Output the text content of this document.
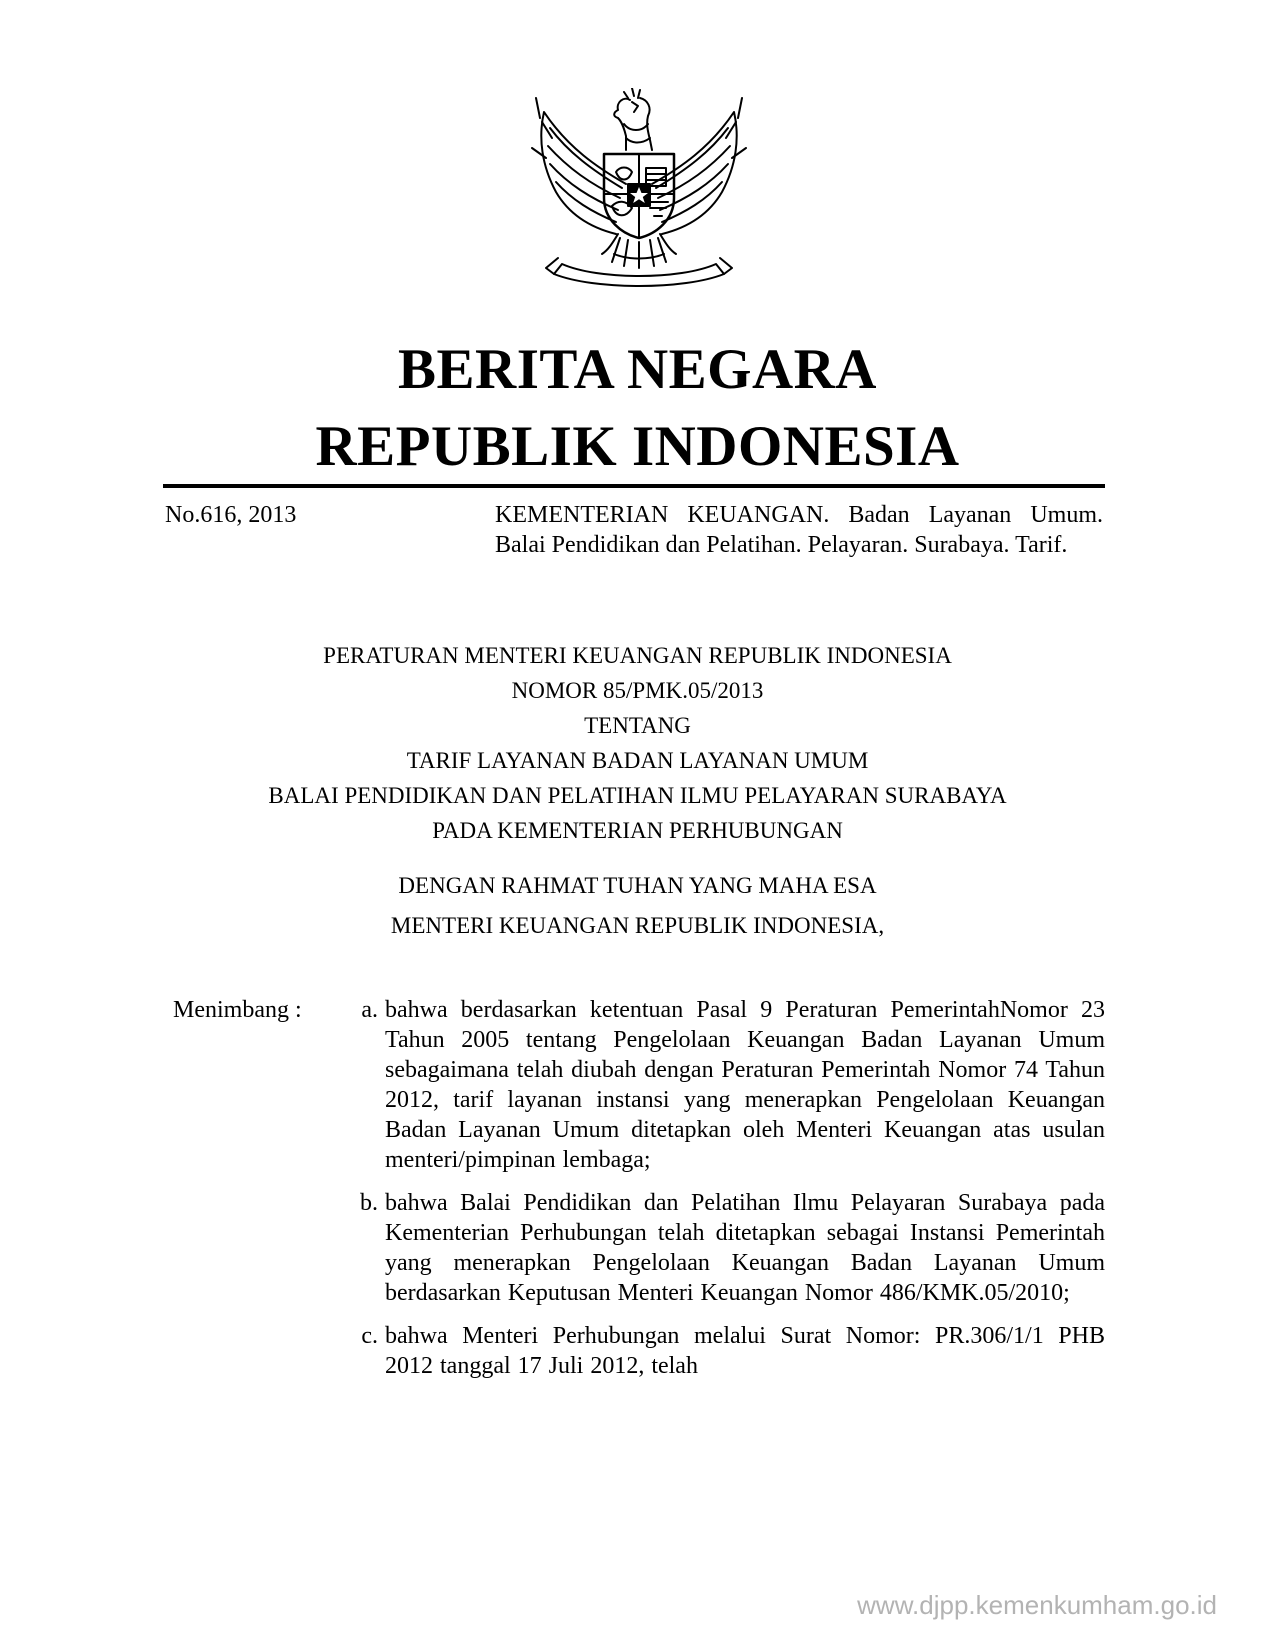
BERITA NEGARA
REPUBLIK INDONESIA
No.616, 2013	KEMENTERIAN KEUANGAN. Badan Layanan Umum. Balai Pendidikan dan Pelatihan. Pelayaran. Surabaya. Tarif.
PERATURAN MENTERI KEUANGAN REPUBLIK INDONESIA
NOMOR 85/PMK.05/2013
TENTANG
TARIF LAYANAN BADAN LAYANAN UMUM
BALAI PENDIDIKAN DAN PELATIHAN ILMU PELAYARAN SURABAYA
PADA KEMENTERIAN PERHUBUNGAN
DENGAN RAHMAT TUHAN YANG MAHA ESA
MENTERI KEUANGAN REPUBLIK INDONESIA,
Menimbang :	a. bahwa berdasarkan ketentuan Pasal 9 Peraturan PemerintahNomor 23 Tahun 2005 tentang Pengelolaan Keuangan Badan Layanan Umum sebagaimana telah diubah dengan Peraturan Pemerintah Nomor 74 Tahun 2012, tarif layanan instansi yang menerapkan Pengelolaan Keuangan Badan Layanan Umum ditetapkan oleh Menteri Keuangan atas usulan menteri/pimpinan lembaga;
b. bahwa Balai Pendidikan dan Pelatihan Ilmu Pelayaran Surabaya pada Kementerian Perhubungan telah ditetapkan sebagai Instansi Pemerintah yang menerapkan Pengelolaan Keuangan Badan Layanan Umum berdasarkan Keputusan Menteri Keuangan Nomor 486/KMK.05/2010;
c. bahwa Menteri Perhubungan melalui Surat Nomor: PR.306/1/1 PHB 2012 tanggal 17 Juli 2012, telah
www.djpp.kemenkumham.go.id
